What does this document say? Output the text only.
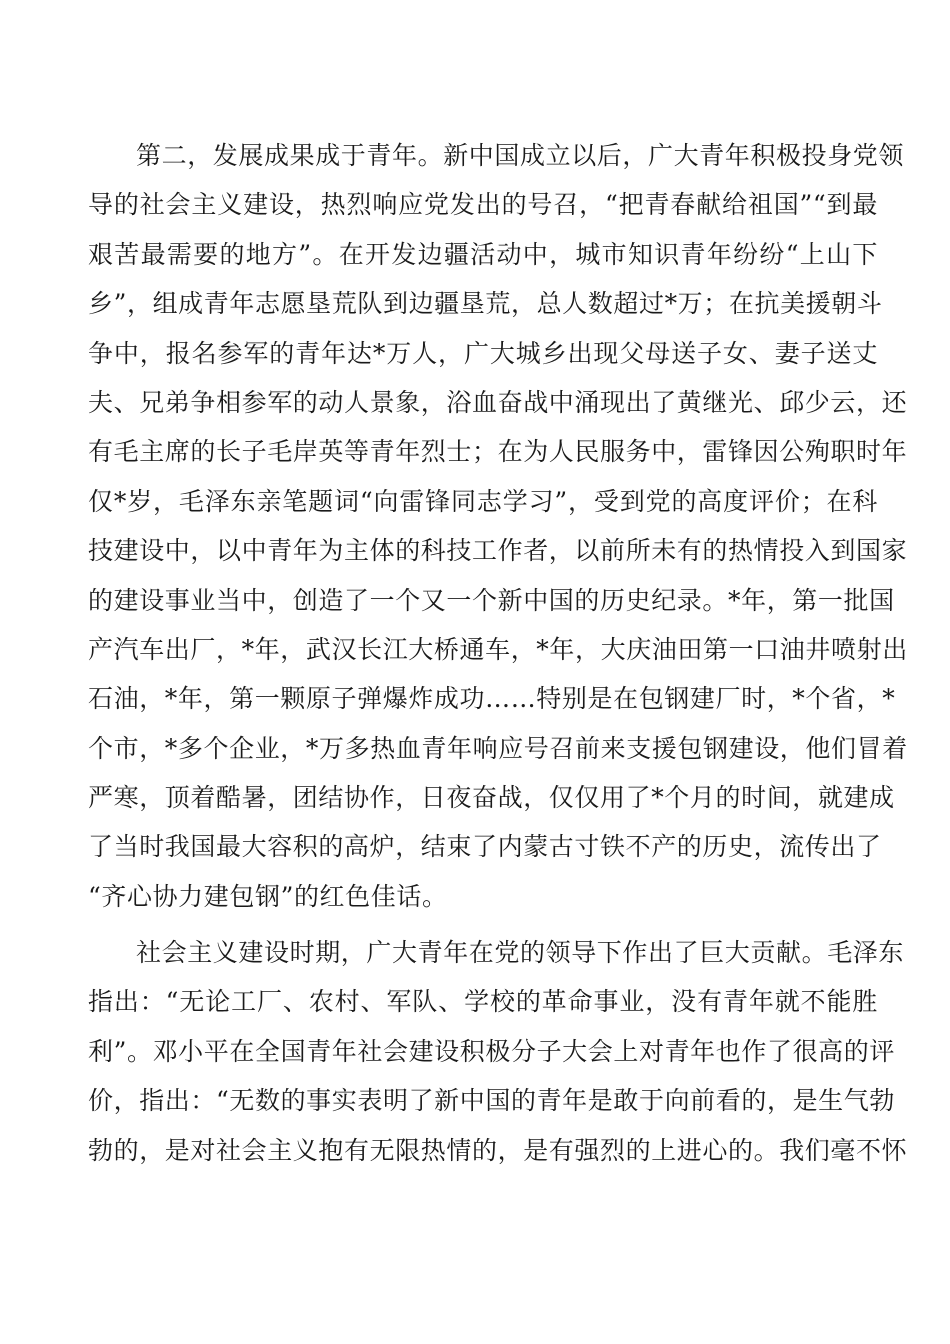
第二，发展成果成于青年。新中国成立以后，广大青年积极投身党领
导的社会主义建设，热烈响应党发出的号召，“把青春献给祖国”“到最
艰苦最需要的地方”。在开发边疆活动中，城市知识青年纷纷“上山下
乡”，组成青年志愿垦荒队到边疆垦荒，总人数超过*万；在抗美援朝斗
争中，报名参军的青年达*万人，广大城乡出现父母送子女、妻子送丈
夫、兄弟争相参军的动人景象，浴血奋战中涌现出了黄继光、邱少云，还
有毛主席的长子毛岸英等青年烈士；在为人民服务中，雷锋因公殉职时年
仅*岁，毛泽东亲笔题词“向雷锋同志学习”，受到党的高度评价；在科
技建设中，以中青年为主体的科技工作者，以前所未有的热情投入到国家
的建设事业当中，创造了一个又一个新中国的历史纪录。*年，第一批国
产汽车出厂，*年，武汉长江大桥通车，*年，大庆油田第一口油井喷射出
石油，*年，第一颗原子弹爆炸成功……特别是在包钢建厂时，*个省，*
个市，*多个企业，*万多热血青年响应号召前来支援包钢建设，他们冒着
严寒，顶着酷暑，团结协作，日夜奋战，仅仅用了*个月的时间，就建成
了当时我国最大容积的高炉，结束了内蒙古寸铁不产的历史，流传出了
“齐心协力建包钢”的红色佳话。
社会主义建设时期，广大青年在党的领导下作出了巨大贡献。毛泽东
指出：“无论工厂、农村、军队、学校的革命事业，没有青年就不能胜
利”。邓小平在全国青年社会建设积极分子大会上对青年也作了很高的评
价，指出：“无数的事实表明了新中国的青年是敢于向前看的，是生气勃
勃的，是对社会主义抱有无限热情的，是有强烈的上进心的。我们毫不怀
